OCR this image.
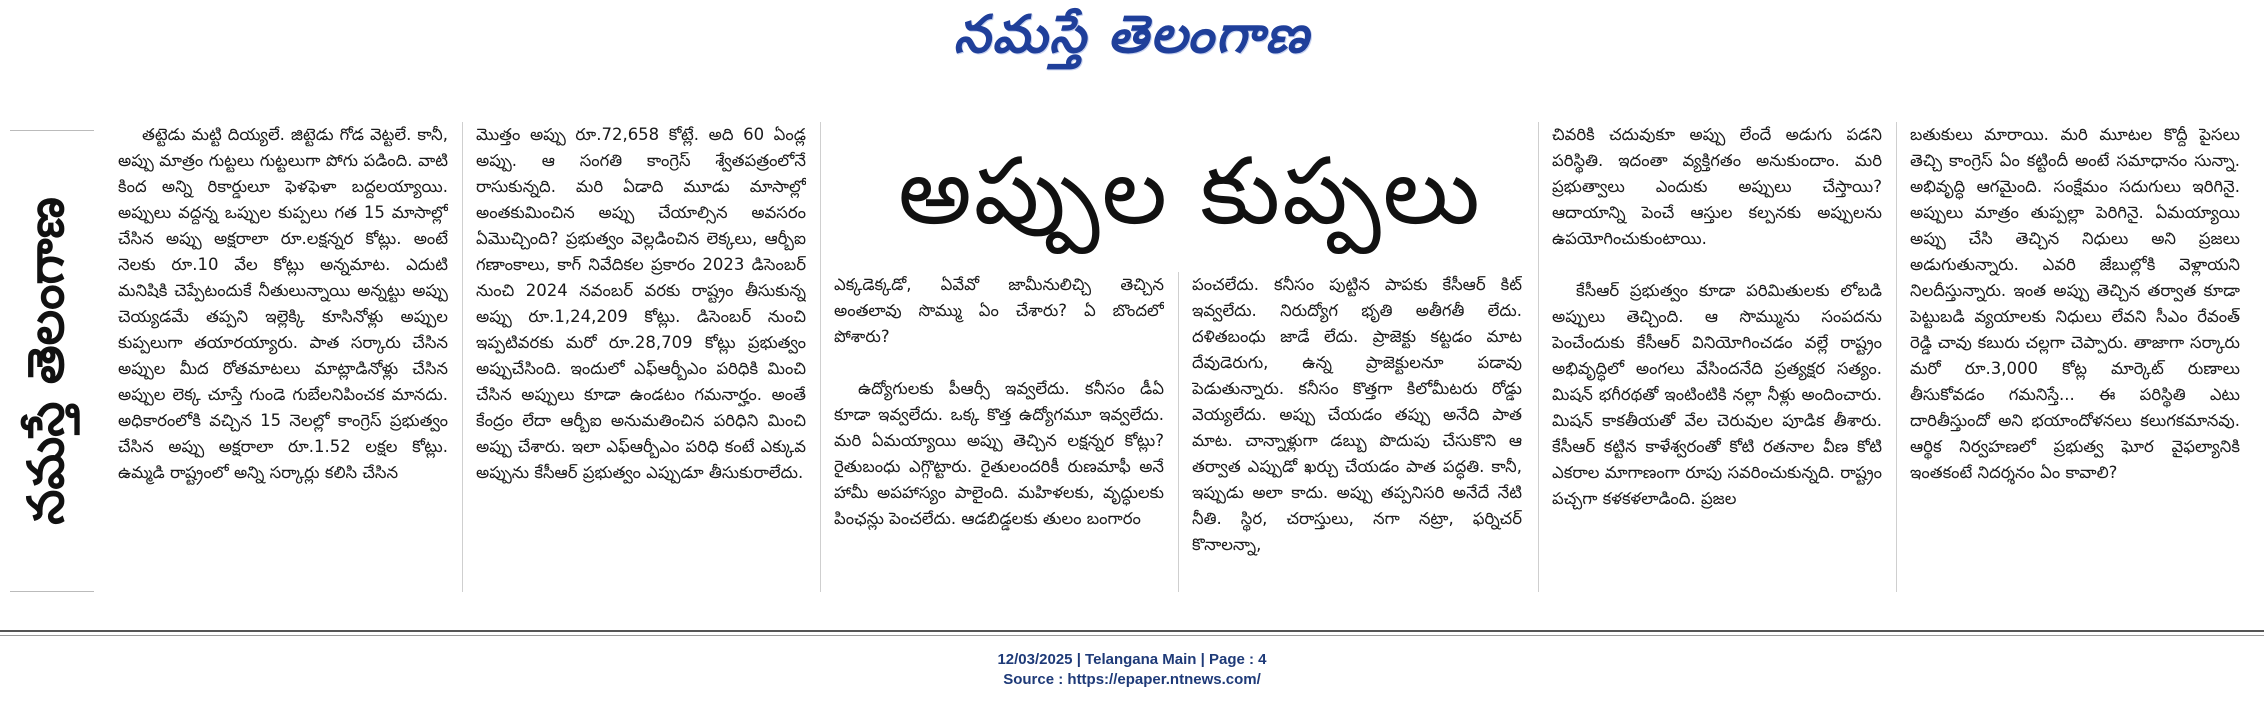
నమస్తే తెలంగాణ
నమస్తే తెలంగాణ

తట్టెడు మట్టి దియ్యలే. జిట్టెడు గోడ వెట్టలే. కానీ, అప్పు మాత్రం గుట్టలు గుట్టలుగా పోగు పడింది. వాటి కింద అన్ని రికార్డులూ ఫెళఫెళా బద్దలయ్యాయి. అప్పులు వద్దన్న ఒప్పుల కుప్పలు గత 15 మాసాల్లో చేసిన అప్పు అక్షరాలా రూ.లక్షన్నర కోట్లు. అంటే నెలకు రూ.10 వేల కోట్లు అన్నమాట. ఎదుటి మనిషికి చెప్పేటందుకే నీతులున్నాయి అన్నట్టు అప్పు చెయ్యడమే తప్పని ఇల్లెక్కి కూసినోళ్లు అప్పుల కుప్పలుగా తయారయ్యారు. పాత సర్కారు చేసిన అప్పుల మీద రోతమాటలు మాట్లాడినోళ్లు చేసిన అప్పుల లెక్క చూస్తే గుండె గుబేలనిపించక మానదు. అధికారంలోకి వచ్చిన 15 నెలల్లో కాంగ్రెస్ ప్రభుత్వం చేసిన అప్పు అక్షరాలా రూ.1.52 లక్షల కోట్లు. ఉమ్మడి రాష్ట్రంలో అన్ని సర్కార్లు కలిసి చేసిన

మొత్తం అప్పు రూ.72,658 కోట్లే. అది 60 ఏండ్ల అప్పు. ఆ సంగతి కాంగ్రెస్ శ్వేతపత్రంలోనే రాసుకున్నది. మరి ఏడాది మూడు మాసాల్లో అంతకుమించిన అప్పు చేయాల్సిన అవసరం ఏమొచ్చింది? ప్రభుత్వం వెల్లడించిన లెక్కలు, ఆర్బీఐ గణాంకాలు, కాగ్ నివేదికల ప్రకారం 2023 డిసెంబర్ నుంచి 2024 నవంబర్ వరకు రాష్ట్రం తీసుకున్న అప్పు రూ.1,24,209 కోట్లు. డిసెంబర్ నుంచి ఇప్పటివరకు మరో రూ.28,709 కోట్లు ప్రభుత్వం అప్పుచేసింది. ఇందులో ఎఫ్ఆర్బీఎం పరిధికి మించి చేసిన అప్పులు కూడా ఉండటం గమనార్హం. అంతే కేంద్రం లేదా ఆర్బీఐ అనుమతించిన పరిధిని మించి అప్పు చేశారు. ఇలా ఎఫ్ఆర్బీఎం పరిధి కంటే ఎక్కువ అప్పును కేసీఆర్ ప్రభుత్వం ఎప్పుడూ తీసుకురాలేదు.

అప్పుల కుప్పలు

ఎక్కడెక్కడో, ఏవేవో జామీనులిచ్చి తెచ్చిన అంతలావు సొమ్ము ఏం చేశారు? ఏ బొందలో పోశారు?

ఉద్యోగులకు పీఆర్సీ ఇవ్వలేదు. కనీసం డీఏ కూడా ఇవ్వలేదు. ఒక్క కొత్త ఉద్యోగమూ ఇవ్వలేదు. మరి ఏమయ్యాయి అప్పు తెచ్చిన లక్షన్నర కోట్లు? రైతుబంధు ఎగ్గొట్టారు. రైతులందరికీ రుణమాఫీ అనే హామీ అపహాస్యం పాలైంది. మహిళలకు, వృద్ధులకు పింఛన్లు పెంచలేదు. ఆడబిడ్డలకు తులం బంగారం

పంచలేదు. కనీసం పుట్టిన పాపకు కేసీఆర్ కిట్ ఇవ్వలేదు. నిరుద్యోగ భృతి అతీగతీ లేదు. దళితబంధు జాడే లేదు. ప్రాజెక్టు కట్టడం మాట దేవుడెరుగు, ఉన్న ప్రాజెక్టులనూ పడావు పెడుతున్నారు. కనీసం కొత్తగా కిలోమీటరు రోడ్డు వెయ్యలేదు. అప్పు చేయడం తప్పు అనేది పాత మాట. చాన్నాళ్లుగా డబ్బు పొదుపు చేసుకొని ఆ తర్వాత ఎప్పుడో ఖర్చు చేయడం పాత పద్ధతి. కానీ, ఇప్పుడు అలా కాదు. అప్పు తప్పనిసరి అనేదే నేటి నీతి. స్థిర, చరాస్తులు, నగా నట్రా, ఫర్నిచర్ కొనాలన్నా,

చివరికి చదువుకూ అప్పు లేందే అడుగు పడని పరిస్థితి. ఇదంతా వ్యక్తిగతం అనుకుందాం. మరి ప్రభుత్వాలు ఎందుకు అప్పులు చేస్తాయి? ఆదాయాన్ని పెంచే ఆస్తుల కల్పనకు అప్పులను ఉపయోగించుకుంటాయి.

కేసీఆర్ ప్రభుత్వం కూడా పరిమితులకు లోబడి అప్పులు తెచ్చింది. ఆ సొమ్మును సంపదను పెంచేందుకు కేసీఆర్ వినియోగించడం వల్లే రాష్ట్రం అభివృద్ధిలో అంగలు వేసిందనేది ప్రత్యక్షర సత్యం. మిషన్ భగీరథతో ఇంటింటికి నల్లా నీళ్లు అందించారు. మిషన్ కాకతీయతో వేల చెరువుల పూడిక తీశారు. కేసీఆర్ కట్టిన కాళేశ్వరంతో కోటి రతనాల వీణ కోటి ఎకరాల మాగాణంగా రూపు సవరించుకున్నది. రాష్ట్రం పచ్చగా కళకళలాడింది. ప్రజల

బతుకులు మారాయి. మరి మూటల కొద్దీ పైసలు తెచ్చి కాంగ్రెస్ ఏం కట్టిందీ అంటే సమాధానం సున్నా. అభివృద్ధి ఆగమైంది. సంక్షేమం సదుగులు ఇరిగినై. అప్పులు మాత్రం తుప్పల్లా పెరిగినై. ఏమయ్యాయి అప్పు చేసి తెచ్చిన నిధులు అని ప్రజలు అడుగుతున్నారు. ఎవరి జేబుల్లోకి వెళ్లాయని నిలదీస్తున్నారు. ఇంత అప్పు తెచ్చిన తర్వాత కూడా పెట్టుబడి వ్యయాలకు నిధులు లేవని సీఎం రేవంత్ రెడ్డి చావు కబురు చల్లగా చెప్పారు. తాజాగా సర్కారు మరో రూ.3,000 కోట్ల మార్కెట్ రుణాలు తీసుకోవడం గమనిస్తే... ఈ పరిస్థితి ఎటు దారితీస్తుందో అని భయాందోళనలు కలుగకమానవు. ఆర్థిక నిర్వహణలో ప్రభుత్వ ఘోర వైఫల్యానికి ఇంతకంటే నిదర్శనం ఏం కావాలి?

12/03/2025 | Telangana Main | Page : 4
Source : https://epaper.ntnews.com/
